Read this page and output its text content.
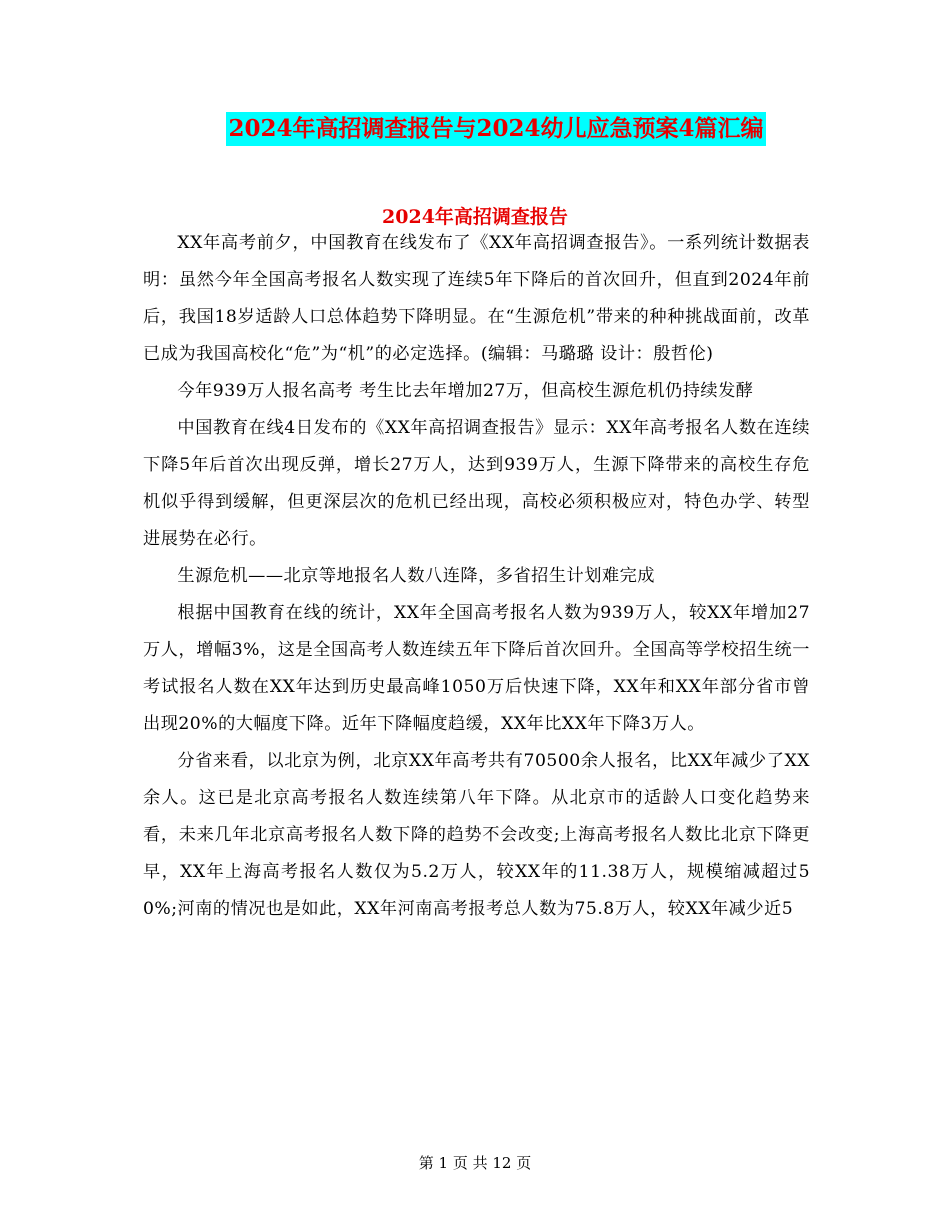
2024年高招调查报告与2024幼儿应急预案4篇汇编
2024年高招调查报告

XX年高考前夕，中国教育在线发布了《XX年高招调查报告》。一系列统计数据表明：虽然今年全国高考报名人数实现了连续5年下降后的首次回升，但直到2024年前后，我国18岁适龄人口总体趋势下降明显。在“生源危机”带来的种种挑战面前，改革已成为我国高校化“危”为“机”的必定选择。(编辑：马璐璐 设计：殷哲伦)

今年939万人报名高考 考生比去年增加27万，但高校生源危机仍持续发酵

中国教育在线4日发布的《XX年高招调查报告》显示：XX年高考报名人数在连续下降5年后首次出现反弹，增长27万人，达到939万人，生源下降带来的高校生存危机似乎得到缓解，但更深层次的危机已经出现，高校必须积极应对，特色办学、转型进展势在必行。

生源危机——北京等地报名人数八连降，多省招生计划难完成

根据中国教育在线的统计，XX年全国高考报名人数为939万人，较XX年增加27万人，增幅3%，这是全国高考人数连续五年下降后首次回升。全国高等学校招生统一考试报名人数在XX年达到历史最高峰1050万后快速下降，XX年和XX年部分省市曾出现20%的大幅度下降。近年下降幅度趋缓，XX年比XX年下降3万人。

分省来看，以北京为例，北京XX年高考共有70500余人报名，比XX年减少了XX余人。这已是北京高考报名人数连续第八年下降。从北京市的适龄人口变化趋势来看，未来几年北京高考报名人数下降的趋势不会改变;上海高考报名人数比北京下降更早，XX年上海高考报名人数仅为5.2万人，较XX年的11.38万人，规模缩减超过50%;河南的情况也是如此，XX年河南高考报考总人数为75.8万人，较XX年减少近5

第 1 页 共 12 页
